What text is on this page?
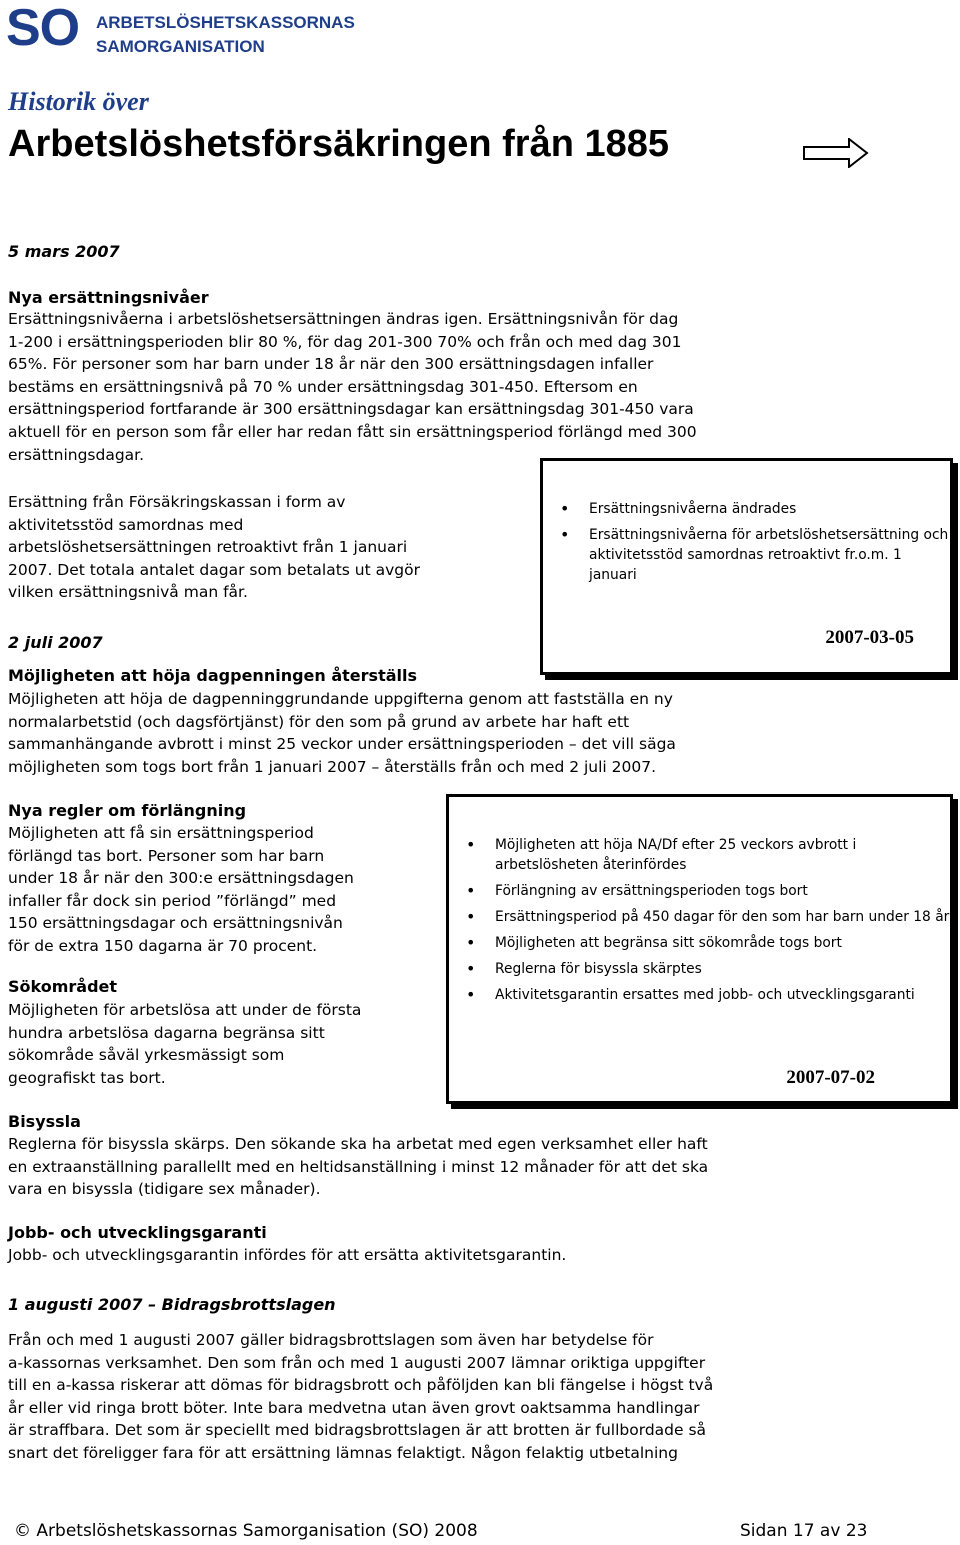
SO ARBETSLÖSHETSKASSORNAS
SAMORGANISATION
Historik över
Arbetslöshetsförsäkringen från 1885
5 mars 2007
Nya ersättningsnivåer
Ersättningsnivåerna i arbetslöshetsersättningen ändras igen. Ersättningsnivån för dag
1-200 i ersättningsperioden blir 80 %, för dag 201-300 70% och från och med dag 301
65%. För personer som har barn under 18 år när den 300 ersättningsdagen infaller
bestäms en ersättningsnivå på 70 % under ersättningsdag 301-450. Eftersom en
ersättningsperiod fortfarande är 300 ersättningsdagar kan ersättningsdag 301-450 vara
aktuell för en person som får eller har redan fått sin ersättningsperiod förlängd med 300
ersättningsdagar.
Ersättning från Försäkringskassan i form av
aktivitetsstöd samordnas med
arbetslöshetsersättningen retroaktivt från 1 januari
2007. Det totala antalet dagar som betalats ut avgör
vilken ersättningsnivå man får.
• Ersättningsnivåerna ändrades
• Ersättningsnivåerna för arbetslöshetsersättning och aktivitetsstöd samordnas retroaktivt fr.o.m. 1 januari
2007-03-05
2 juli 2007
Möjligheten att höja dagpenningen återställs
Möjligheten att höja de dagpenninggrundande uppgifterna genom att fastställa en ny
normalarbetstid (och dagsförtjänst) för den som på grund av arbete har haft ett
sammanhängande avbrott i minst 25 veckor under ersättningsperioden – det vill säga
möjligheten som togs bort från 1 januari 2007 – återställs från och med 2 juli 2007.
Nya regler om förlängning
Möjligheten att få sin ersättningsperiod
förlängd tas bort. Personer som har barn
under 18 år när den 300:e ersättningsdagen
infaller får dock sin period ”förlängd” med
150 ersättningsdagar och ersättningsnivån
för de extra 150 dagarna är 70 procent.
Sökområdet
Möjligheten för arbetslösa att under de första
hundra arbetslösa dagarna begränsa sitt
sökområde såväl yrkesmässigt som
geografiskt tas bort.
• Möjligheten att höja NA/Df efter 25 veckors avbrott i arbetslösheten återinfördes
• Förlängning av ersättningsperioden togs bort
• Ersättningsperiod på 450 dagar för den som har barn under 18 år
• Möjligheten att begränsa sitt sökområde togs bort
• Reglerna för bisyssla skärptes
• Aktivitetsgarantin ersattes med jobb- och utvecklingsgaranti
2007-07-02
Bisyssla
Reglerna för bisyssla skärps. Den sökande ska ha arbetat med egen verksamhet eller haft
en extraanställning parallellt med en heltidsanställning i minst 12 månader för att det ska
vara en bisyssla (tidigare sex månader).
Jobb- och utvecklingsgaranti
Jobb- och utvecklingsgarantin infördes för att ersätta aktivitetsgarantin.
1 augusti 2007 – Bidragsbrottslagen
Från och med 1 augusti 2007 gäller bidragsbrottslagen som även har betydelse för
a-kassornas verksamhet. Den som från och med 1 augusti 2007 lämnar oriktiga uppgifter
till en a-kassa riskerar att dömas för bidragsbrott och påföljden kan bli fängelse i högst två
år eller vid ringa brott böter. Inte bara medvetna utan även grovt oaktsamma handlingar
är straffbara. Det som är speciellt med bidragsbrottslagen är att brotten är fullbordade så
snart det föreligger fara för att ersättning lämnas felaktigt. Någon felaktig utbetalning
© Arbetslöshetskassornas Samorganisation (SO) 2008	Sidan 17 av 23
